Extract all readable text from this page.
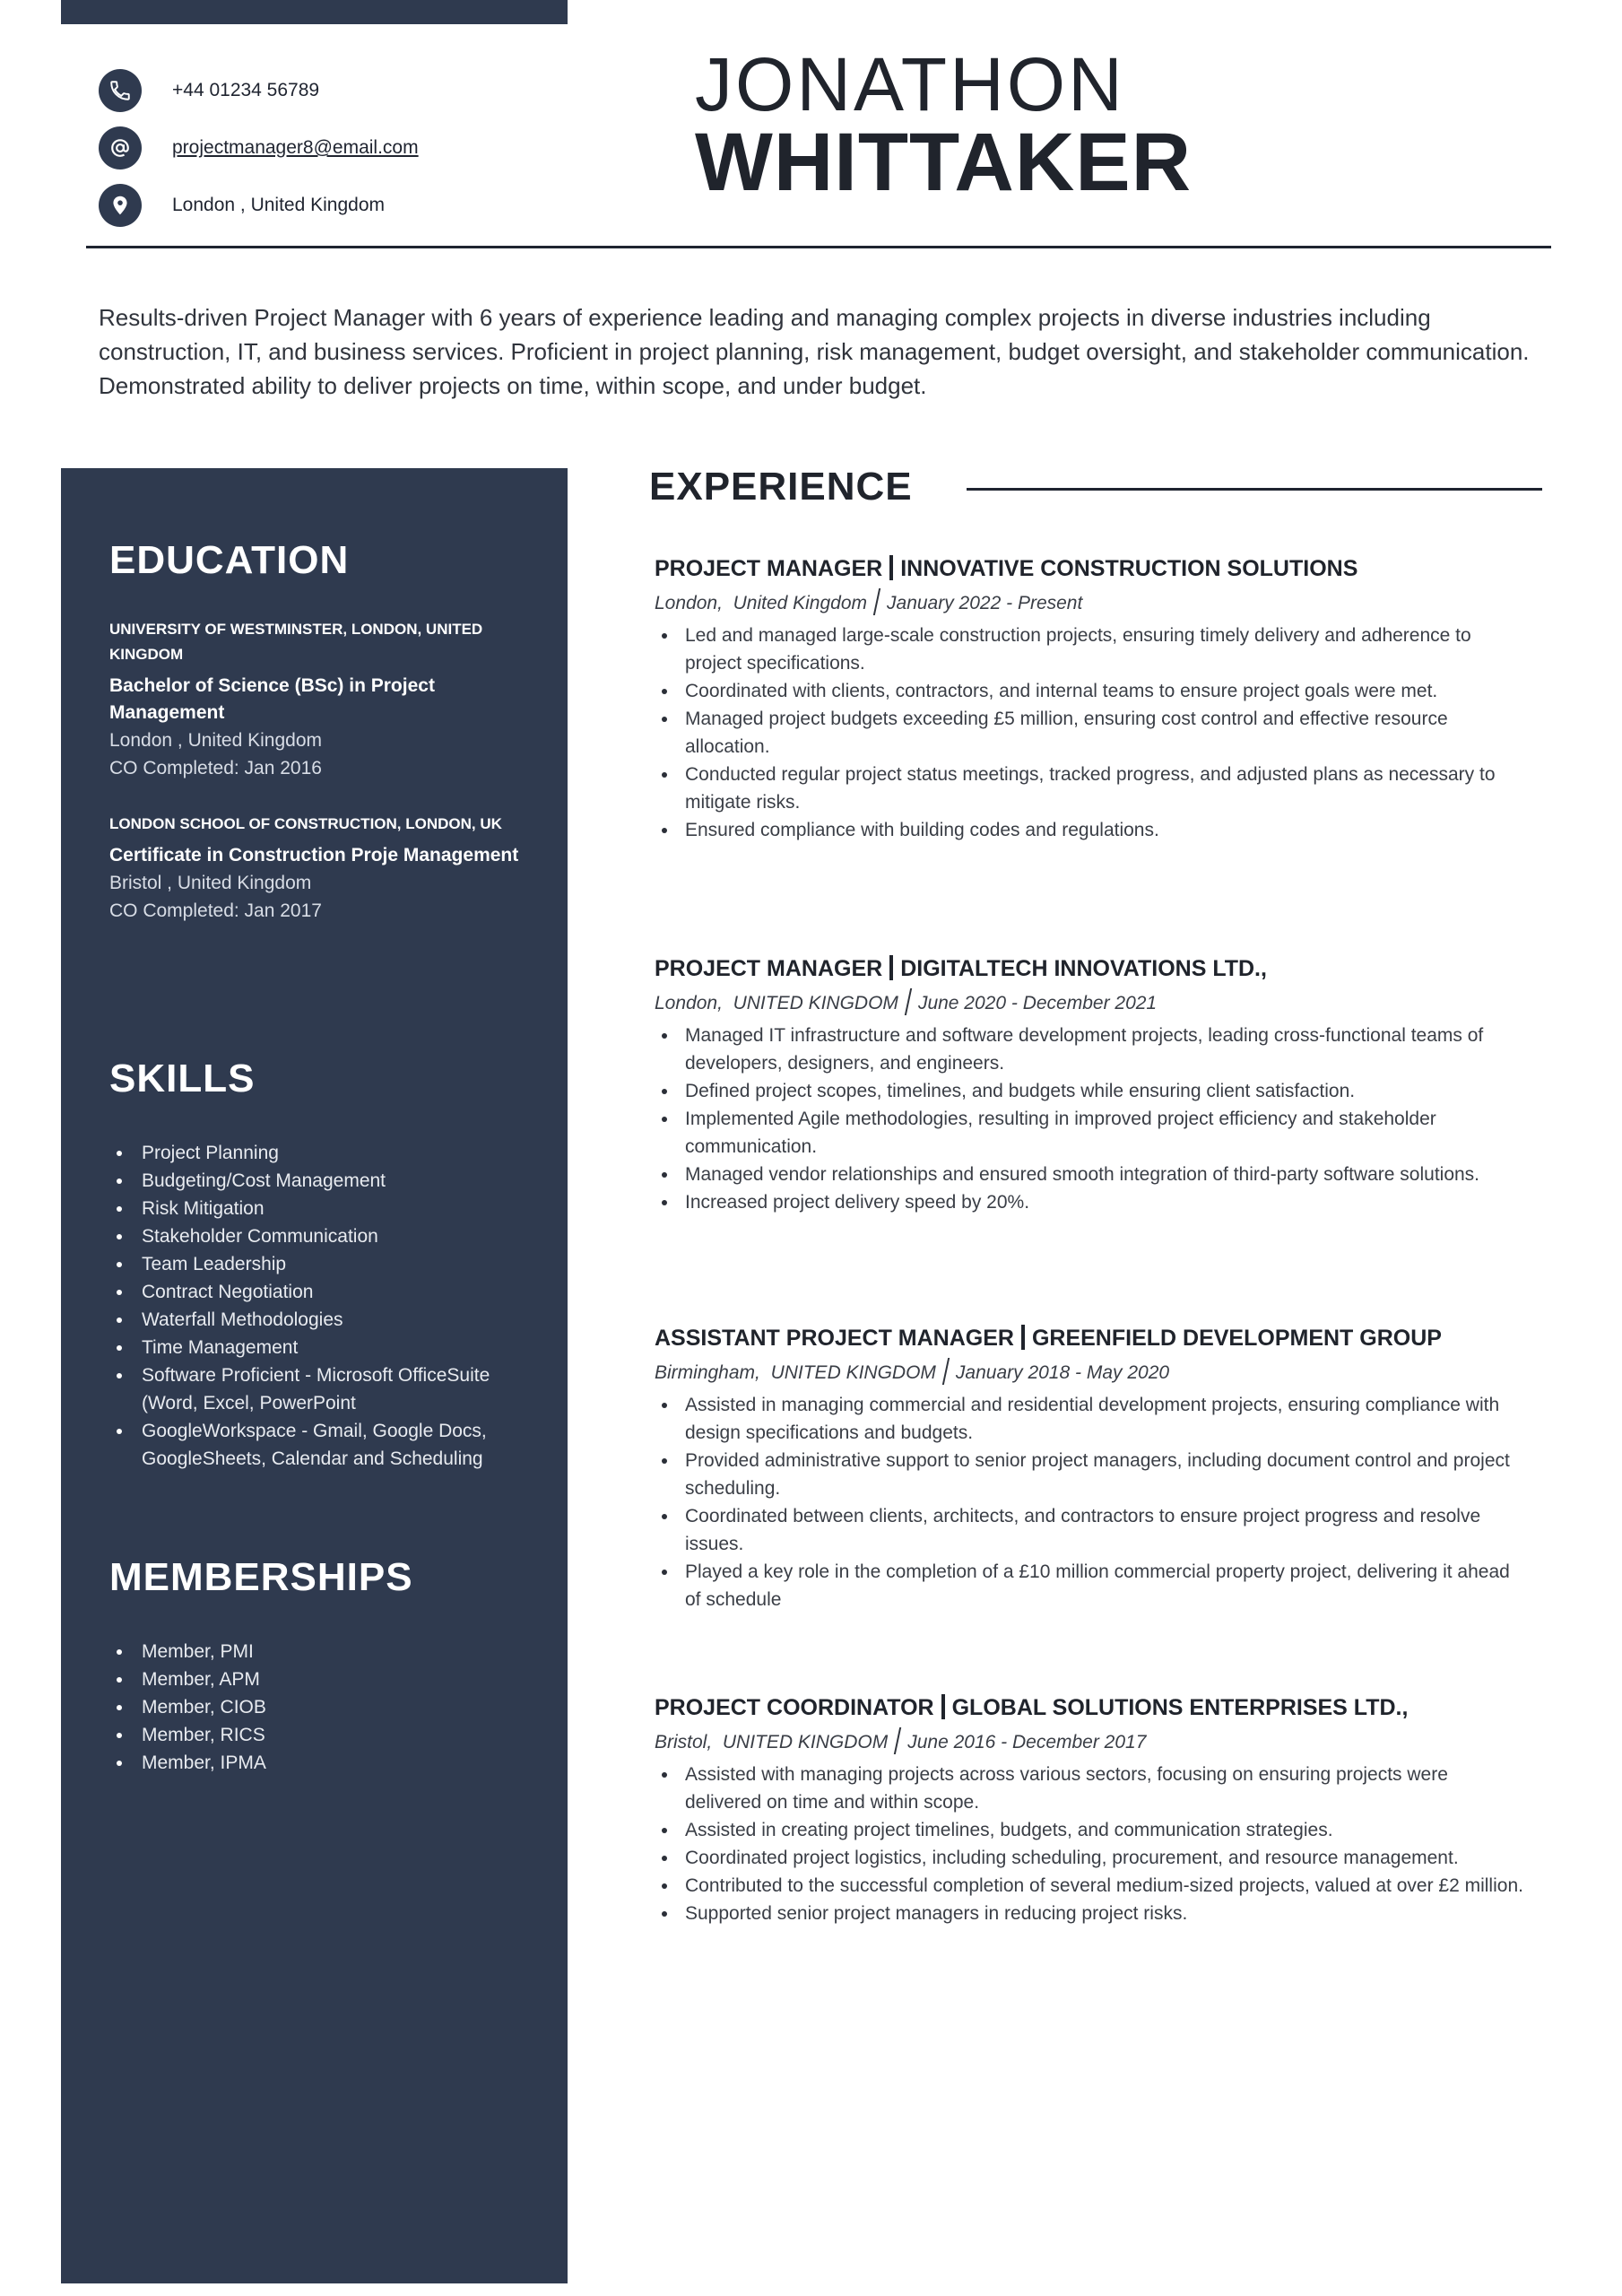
+44 01234 56789
projectmanager8@email.com
London , United Kingdom
JONATHON
WHITTAKER

Results-driven Project Manager with 6 years of experience leading and managing complex projects in diverse industries including construction, IT, and business services. Proficient in project planning, risk management, budget oversight, and stakeholder communication. Demonstrated ability to deliver projects on time, within scope, and under budget.

EDUCATION
UNIVERSITY OF WESTMINSTER, LONDON, UNITED KINGDOM
Bachelor of Science (BSc) in Project Management
London , United Kingdom
CO Completed: Jan 2016
LONDON SCHOOL OF CONSTRUCTION, LONDON, UK
Certificate in Construction Proje Management
Bristol , United Kingdom
CO Completed: Jan 2017
SKILLS
Project Planning
Budgeting/Cost Management
Risk Mitigation
Stakeholder Communication
Team Leadership
Contract Negotiation
Waterfall Methodologies
Time Management
Software Proficient - Microsoft OfficeSuite (Word, Excel, PowerPoint
GoogleWorkspace - Gmail, Google Docs, GoogleSheets, Calendar and Scheduling
MEMBERSHIPS
Member, PMI
Member, APM
Member, CIOB
Member, RICS
Member, IPMA
EXPERIENCE
PROJECT MANAGER INNOVATIVE CONSTRUCTION SOLUTIONS
London,  United Kingdom January 2022 - Present
Led and managed large-scale construction projects, ensuring timely delivery and adherence to project specifications.
Coordinated with clients, contractors, and internal teams to ensure project goals were met.
Managed project budgets exceeding £5 million, ensuring cost control and effective resource allocation.
Conducted regular project status meetings, tracked progress, and adjusted plans as necessary to mitigate risks.
Ensured compliance with building codes and regulations.
PROJECT MANAGER DIGITALTECH INNOVATIONS LTD.,
London,  UNITED KINGDOM June 2020 - December 2021
Managed IT infrastructure and software development projects, leading cross-functional teams of developers, designers, and engineers.
Defined project scopes, timelines, and budgets while ensuring client satisfaction.
Implemented Agile methodologies, resulting in improved project efficiency and stakeholder communication.
Managed vendor relationships and ensured smooth integration of third-party software solutions.
Increased project delivery speed by 20%.
ASSISTANT PROJECT MANAGER GREENFIELD DEVELOPMENT GROUP
Birmingham,  UNITED KINGDOM January 2018 - May 2020
Assisted in managing commercial and residential development projects, ensuring compliance with design specifications and budgets.
Provided administrative support to senior project managers, including document control and project scheduling.
Coordinated between clients, architects, and contractors to ensure project progress and resolve issues.
Played a key role in the completion of a £10 million commercial property project, delivering it ahead of schedule
PROJECT COORDINATOR GLOBAL SOLUTIONS ENTERPRISES LTD.,
Bristol,  UNITED KINGDOM June 2016 - December 2017
Assisted with managing projects across various sectors, focusing on ensuring projects were delivered on time and within scope.
Assisted in creating project timelines, budgets, and communication strategies.
Coordinated project logistics, including scheduling, procurement, and resource management.
Contributed to the successful completion of several medium-sized projects, valued at over £2 million.
Supported senior project managers in reducing project risks.
